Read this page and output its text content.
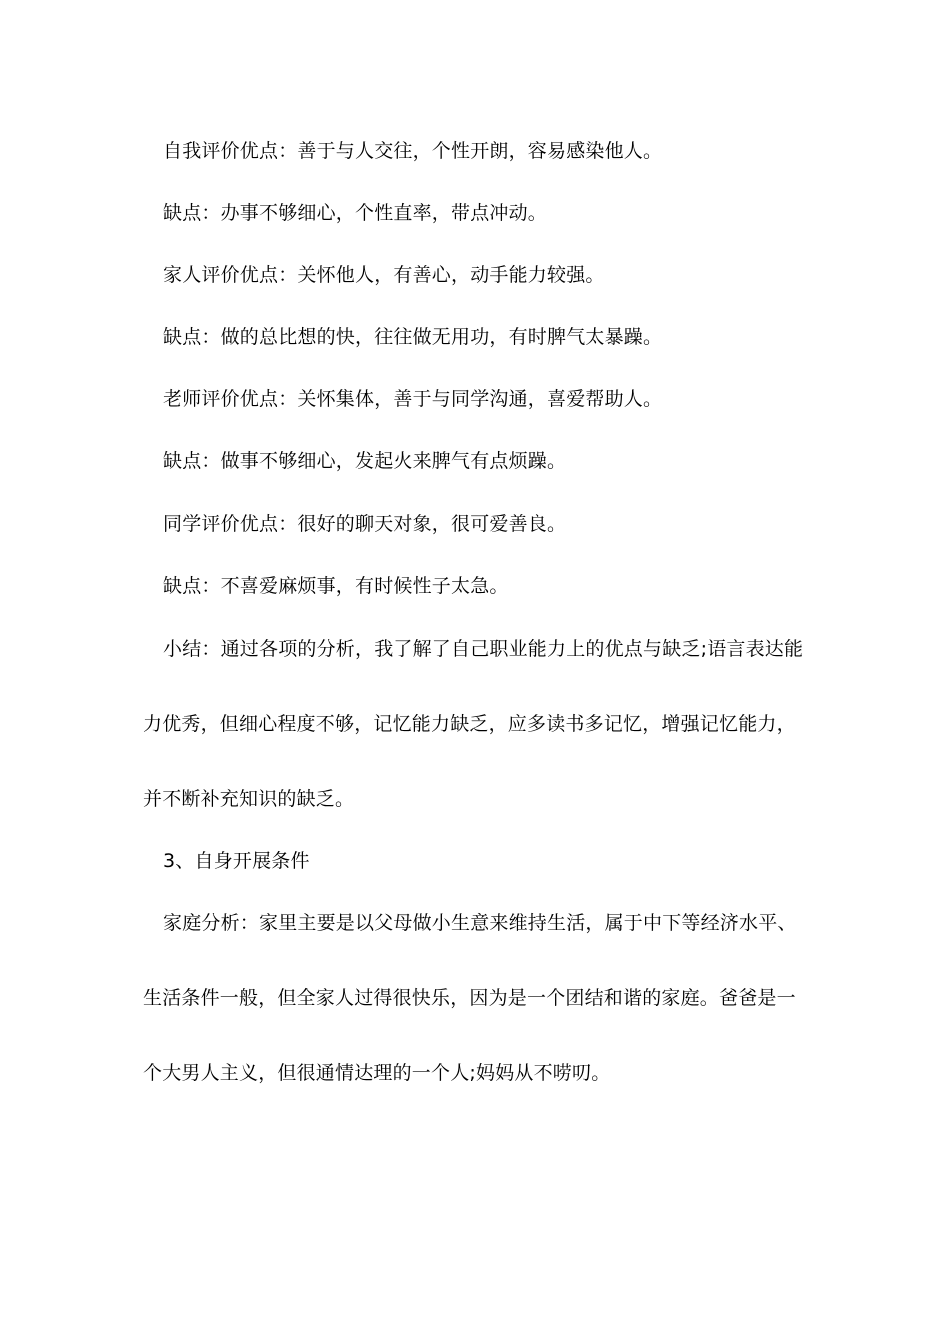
自我评价优点：善于与人交往，个性开朗，容易感染他人。
缺点：办事不够细心，个性直率，带点冲动。
家人评价优点：关怀他人，有善心，动手能力较强。
缺点：做的总比想的快，往往做无用功，有时脾气太暴躁。
老师评价优点：关怀集体，善于与同学沟通，喜爱帮助人。
缺点：做事不够细心，发起火来脾气有点烦躁。
同学评价优点：很好的聊天对象，很可爱善良。
缺点：不喜爱麻烦事，有时候性子太急。
小结：通过各项的分析，我了解了自己职业能力上的优点与缺乏;语言表达能
力优秀，但细心程度不够，记忆能力缺乏，应多读书多记忆，增强记忆能力，
并不断补充知识的缺乏。
3、自身开展条件
家庭分析：家里主要是以父母做小生意来维持生活，属于中下等经济水平、
生活条件一般，但全家人过得很快乐，因为是一个团结和谐的家庭。爸爸是一
个大男人主义，但很通情达理的一个人;妈妈从不唠叨。
